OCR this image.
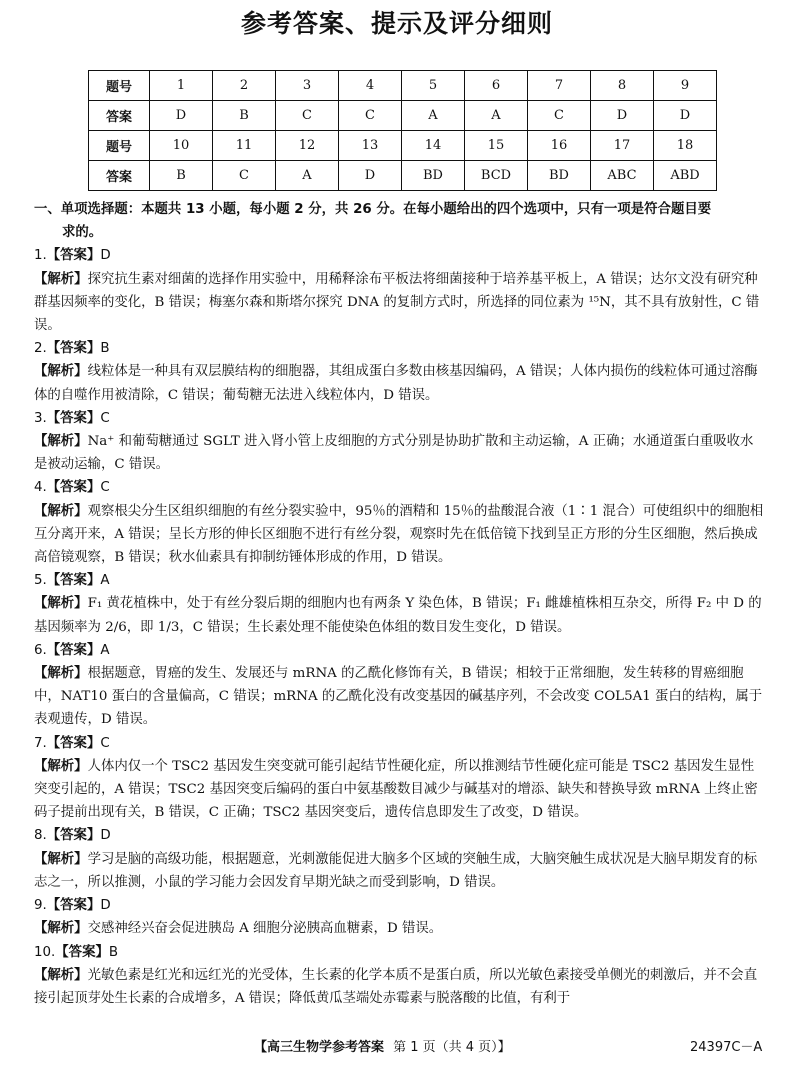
参考答案、提示及评分细则
题号	1	2	3	4	5	6	7	8	9
答案	D	B	C	C	A	A	C	D	D
题号	10	11	12	13	14	15	16	17	18
答案	B	C	A	D	BD	BCD	BD	ABC	ABD

一、单项选择题：本题共 13 小题，每小题 2 分，共 26 分。在每小题给出的四个选项中，只有一项是符合题目要

求的。

1.【答案】D

【解析】探究抗生素对细菌的选择作用实验中，用稀释涂布平板法将细菌接种于培养基平板上，A 错误；达尔文没有研究种群基因频率的变化，B 错误；梅塞尔森和斯塔尔探究 DNA 的复制方式时，所选择的同位素为 ¹⁵N，其不具有放射性，C 错误。

2.【答案】B

【解析】线粒体是一种具有双层膜结构的细胞器，其组成蛋白多数由核基因编码，A 错误；人体内损伤的线粒体可通过溶酶体的自噬作用被清除，C 错误；葡萄糖无法进入线粒体内，D 错误。

3.【答案】C

【解析】Na⁺ 和葡萄糖通过 SGLT 进入肾小管上皮细胞的方式分别是协助扩散和主动运输，A 正确；水通道蛋白重吸收水是被动运输，C 错误。

4.【答案】C

【解析】观察根尖分生区组织细胞的有丝分裂实验中，95％的酒精和 15％的盐酸混合液（1∶1 混合）可使组织中的细胞相互分离开来，A 错误；呈长方形的伸长区细胞不进行有丝分裂，观察时先在低倍镜下找到呈正方形的分生区细胞，然后换成高倍镜观察，B 错误；秋水仙素具有抑制纺锤体形成的作用，D 错误。

5.【答案】A

【解析】F₁ 黄花植株中，处于有丝分裂后期的细胞内也有两条 Y 染色体，B 错误；F₁ 雌雄植株相互杂交，所得 F₂ 中 D 的基因频率为 2/6，即 1/3，C 错误；生长素处理不能使染色体组的数目发生变化，D 错误。

6.【答案】A

【解析】根据题意，胃癌的发生、发展还与 mRNA 的乙酰化修饰有关，B 错误；相较于正常细胞，发生转移的胃癌细胞中，NAT10 蛋白的含量偏高，C 错误；mRNA 的乙酰化没有改变基因的碱基序列，不会改变 COL5A1 蛋白的结构，属于表观遗传，D 错误。

7.【答案】C

【解析】人体内仅一个 TSC2 基因发生突变就可能引起结节性硬化症，所以推测结节性硬化症可能是 TSC2 基因发生显性突变引起的，A 错误；TSC2 基因突变后编码的蛋白中氨基酸数目减少与碱基对的增添、缺失和替换导致 mRNA 上终止密码子提前出现有关，B 错误，C 正确；TSC2 基因突变后，遗传信息即发生了改变，D 错误。

8.【答案】D

【解析】学习是脑的高级功能，根据题意，光刺激能促进大脑多个区域的突触生成，大脑突触生成状况是大脑早期发育的标志之一，所以推测，小鼠的学习能力会因发育早期光缺之而受到影响，D 错误。

9.【答案】D

【解析】交感神经兴奋会促进胰岛 A 细胞分泌胰高血糖素，D 错误。

10.【答案】B

【解析】光敏色素是红光和远红光的光受体，生长素的化学本质不是蛋白质，所以光敏色素接受单侧光的刺激后，并不会直接引起顶芽处生长素的合成增多，A 错误；降低黄瓜茎端处赤霉素与脱落酸的比值，有利于

【高三生物学参考答案 第 1 页（共 4 页）】	24397C－A
